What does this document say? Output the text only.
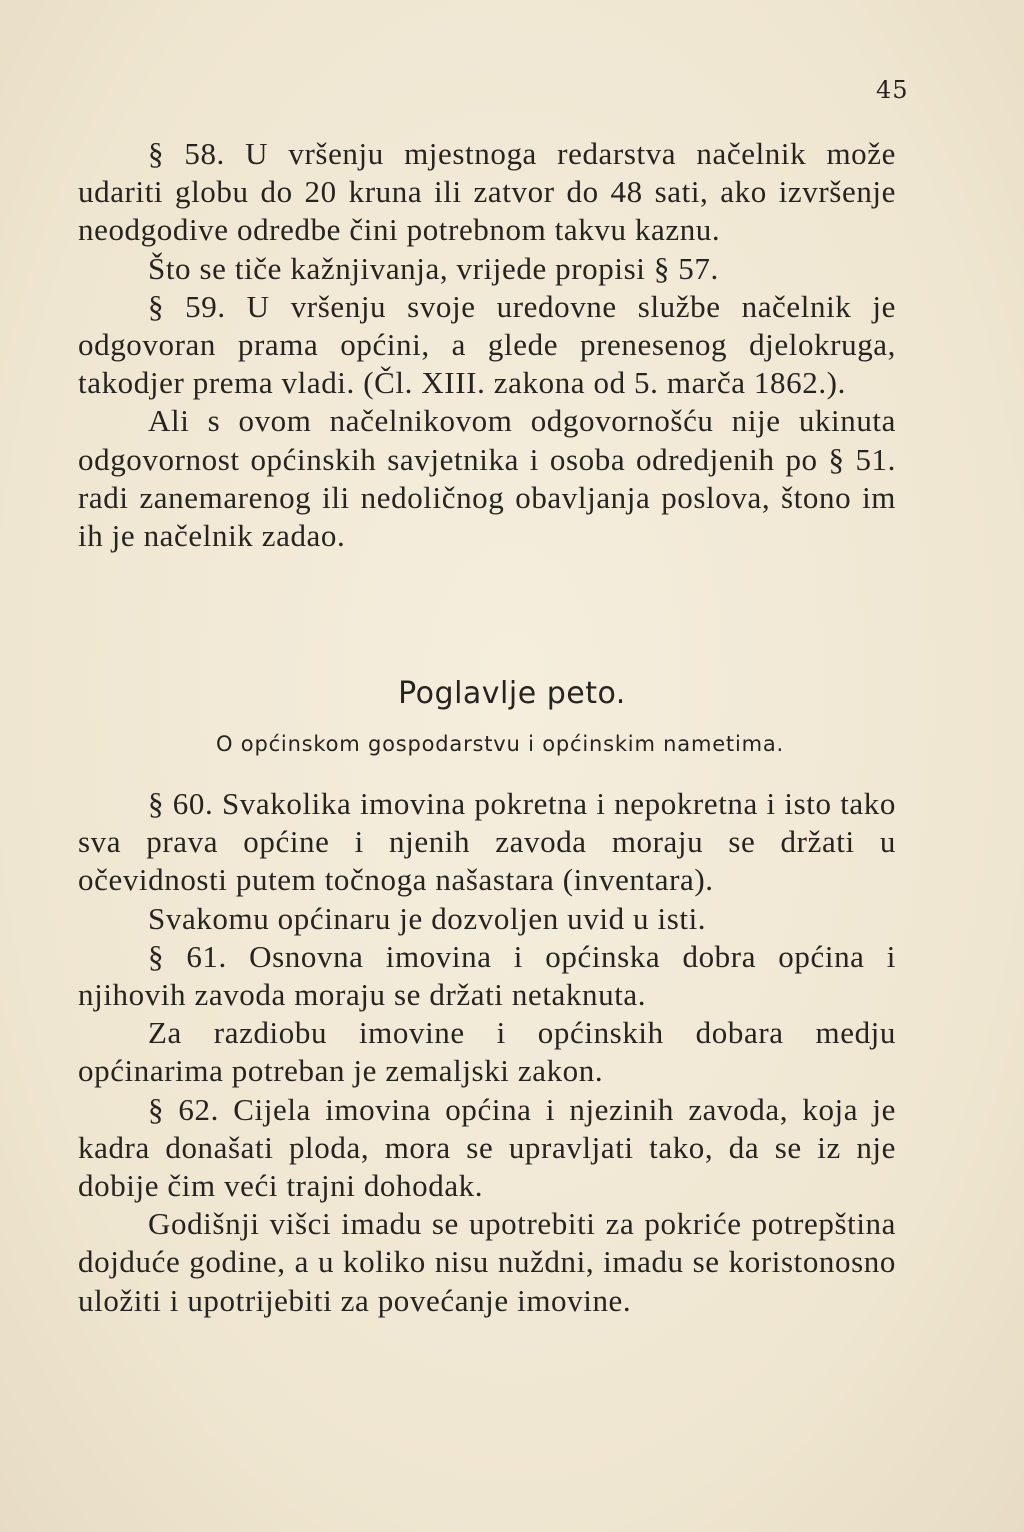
45

§ 58. U vršenju mjestnoga redarstva načelnik može udariti globu do 20 kruna ili zatvor do 48 sati, ako izvršenje neodgodive odredbe čini potrebnom takvu kaznu.

Što se tiče kažnjivanja, vrijede propisi § 57.

§ 59. U vršenju svoje uredovne službe načelnik je odgovoran prama općini, a glede prenesenog djelokruga, takodjer prema vladi. (Čl. XIII. zakona od 5. marča 1862.).

Ali s ovom načelnikovom odgovornošću nije ukinuta odgovornost općinskih savjetnika i osoba odredjenih po § 51. radi zanemarenog ili nedoličnog obavljanja poslova, štono im ih je načelnik zadao.

Poglavlje peto.
O općinskom gospodarstvu i općinskim nametima.

§ 60. Svakolika imovina pokretna i nepokretna i isto tako sva prava općine i njenih zavoda moraju se držati u očevidnosti putem točnoga našastara (inventara).

Svakomu općinaru je dozvoljen uvid u isti.

§ 61. Osnovna imovina i općinska dobra općina i njihovih zavoda moraju se držati netaknuta.

Za razdiobu imovine i općinskih dobara medju općinarima potreban je zemaljski zakon.

§ 62. Cijela imovina općina i njezinih zavoda, koja je kadra donašati ploda, mora se upravljati tako, da se iz nje dobije čim veći trajni dohodak.

Godišnji višci imadu se upotrebiti za pokriće potrepština dojduće godine, a u koliko nisu nuždni, imadu se koristonosno uložiti i upotrijebiti za povećanje imovine.
